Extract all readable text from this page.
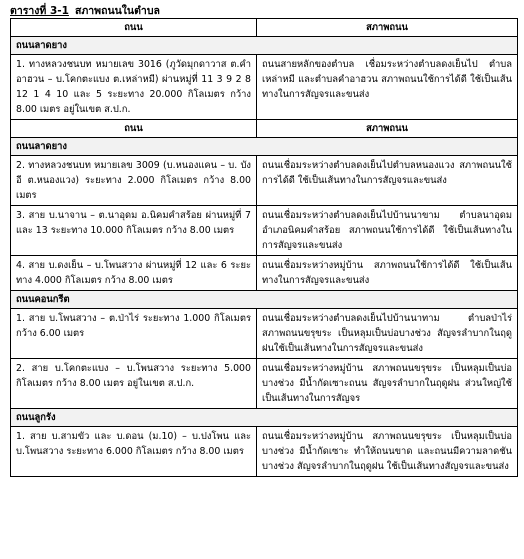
ตารางที่ 3-1 สภาพถนนในตำบล
ถนน	สภาพถนน
ถนนลาดยาง	
1. ทางหลวงชนบท หมายเลข 3016 (ภูวัดมุกดาวาส ต.คำอาฮวน – บ.โคกตะแบง ต.เหล่าหมี) ผ่านหมู่ที่ 11 3 9 2 8 12 1 4 10 และ 5 ระยะทาง 20.000 กิโลเมตร กว้าง 8.00 เมตร อยู่ในเขต ส.ป.ก.	ถนนสายหลักของตำบล เชื่อมระหว่างตำบลดงเย็นไป ตำบลเหล่าหมี และตำบลคำอาฮวน สภาพถนนใช้การได้ดี ใช้เป็นเส้นทางในการสัญจรและขนส่ง
ถนน	สภาพถนน
ถนนลาดยาง	
2. ทางหลวงชนบท หมายเลข 3009 (บ.หนองแคน – บ. บังอี ต.หนองแวง) ระยะทาง 2.000 กิโลเมตร กว้าง 8.00 เมตร	ถนนเชื่อมระหว่างตำบลดงเย็นไปตำบลหนองแวง สภาพถนนใช้การได้ดี ใช้เป็นเส้นทางในการสัญจรและขนส่ง
3. สาย บ.นาจาน – ต.นาอุดม อ.นิคมคำสร้อย ผ่านหมู่ที่ 7 และ 13 ระยะทาง 10.000 กิโลเมตร กว้าง 8.00 เมตร	ถนนเชื่อมระหว่างตำบลดงเย็นไปบ้านนาขาม ตำบลนาอุดม อำเภอนิคมคำสร้อย สภาพถนนใช้การได้ดี ใช้เป็นเส้นทางในการสัญจรและขนส่ง
4. สาย บ.ดงเย็น – บ.โพนสวาง ผ่านหมู่ที่ 12 และ 6 ระยะทาง 4.000 กิโลเมตร กว้าง 8.00 เมตร	ถนนเชื่อมระหว่างหมู่บ้าน สภาพถนนใช้การได้ดี ใช้เป็นเส้นทางในการสัญจรและขนส่ง
ถนนคอนกรีต	
1. สาย บ.โพนสวาง – ต.ป่าไร่ ระยะทาง 1.000 กิโลเมตร กว้าง 6.00 เมตร	ถนนเชื่อมระหว่างตำบลดงเย็นไปบ้านนาทาม ตำบลป่าไร่ สภาพถนนขรุขระ เป็นหลุมเป็นบ่อบางช่วง สัญจรลำบากในฤดูฝนใช้เป็นเส้นทางในการสัญจรและขนส่ง
2. สาย บ.โคกตะแบง – บ.โพนสวาง ระยะทาง 5.000 กิโลเมตร กว้าง 8.00 เมตร อยู่ในเขต ส.ป.ก.	ถนนเชื่อมระหว่างหมู่บ้าน สภาพถนนขรุขระ เป็นหลุมเป็นบ่อบางช่วง มีน้ำกัดเซาะถนน สัญจรลำบากในฤดูฝน ส่วนใหญ่ใช้เป็นเส้นทางในการสัญจร
ถนนลูกรัง	
1. สาย บ.สามขัว และ บ.ดอน (ม.10) – บ.ปงโพน และ บ.โพนสวาง ระยะทาง 6.000 กิโลเมตร กว้าง 8.00 เมตร	ถนนเชื่อมระหว่างหมู่บ้าน สภาพถนนขรุขระ เป็นหลุมเป็นบ่อบางช่วง มีน้ำกัดเซาะ ทำให้ถนนขาด และถนนมีความลาดชันบางช่วง สัญจรลำบากในฤดูฝน ใช้เป็นเส้นทางสัญจรและขนส่ง
